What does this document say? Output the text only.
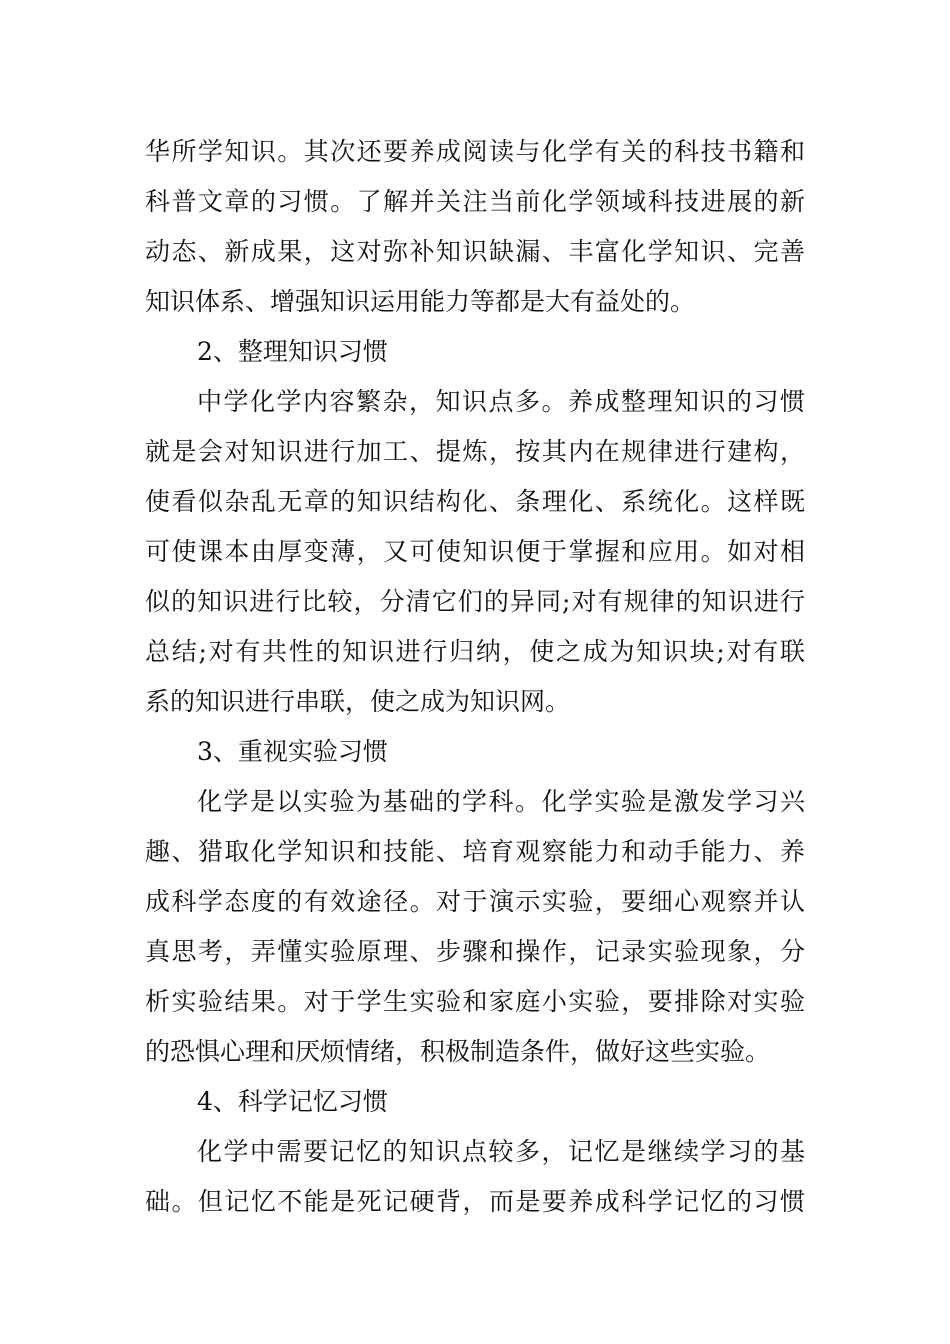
华所学知识。其次还要养成阅读与化学有关的科技书籍和
科普文章的习惯。了解并关注当前化学领域科技进展的新
动态、新成果，这对弥补知识缺漏、丰富化学知识、完善
知识体系、增强知识运用能力等都是大有益处的。
2、整理知识习惯
中学化学内容繁杂，知识点多。养成整理知识的习惯
就是会对知识进行加工、提炼，按其内在规律进行建构，
使看似杂乱无章的知识结构化、条理化、系统化。这样既
可使课本由厚变薄，又可使知识便于掌握和应用。如对相
似的知识进行比较，分清它们的异同;对有规律的知识进行
总结;对有共性的知识进行归纳，使之成为知识块;对有联
系的知识进行串联，使之成为知识网。
3、重视实验习惯
化学是以实验为基础的学科。化学实验是激发学习兴
趣、猎取化学知识和技能、培育观察能力和动手能力、养
成科学态度的有效途径。对于演示实验，要细心观察并认
真思考，弄懂实验原理、步骤和操作，记录实验现象，分
析实验结果。对于学生实验和家庭小实验，要排除对实验
的恐惧心理和厌烦情绪，积极制造条件，做好这些实验。
4、科学记忆习惯
化学中需要记忆的知识点较多，记忆是继续学习的基
础。但记忆不能是死记硬背，而是要养成科学记忆的习惯
